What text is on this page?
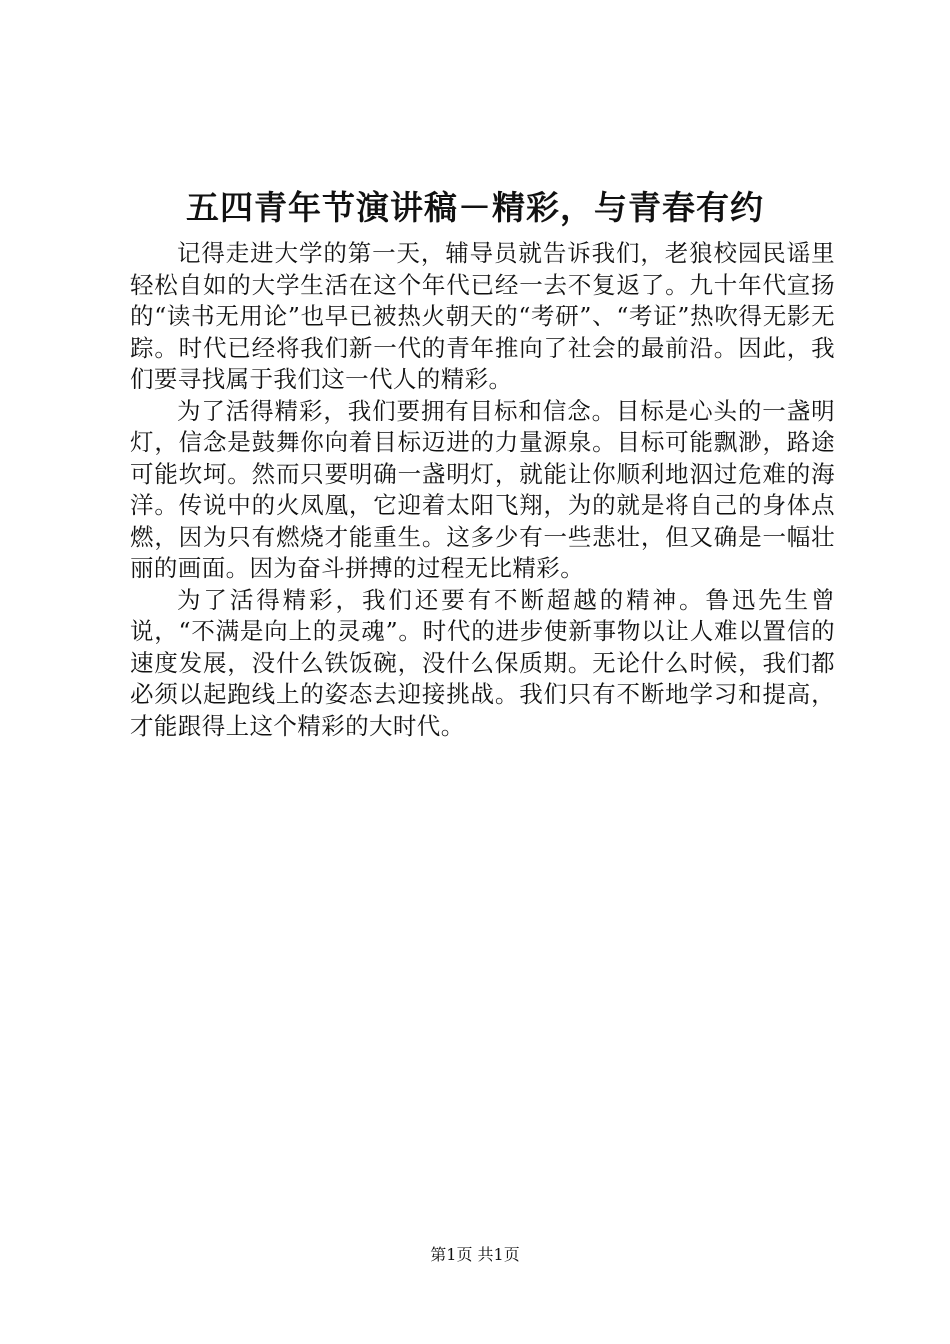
五四青年节演讲稿－精彩，与青春有约

记得走进大学的第一天，辅导员就告诉我们，老狼校园民谣里轻松自如的大学生活在这个年代已经一去不复返了。九十年代宣扬的“读书无用论”也早已被热火朝天的“考研”、“考证”热吹得无影无踪。时代已经将我们新一代的青年推向了社会的最前沿。因此，我们要寻找属于我们这一代人的精彩。

为了活得精彩，我们要拥有目标和信念。目标是心头的一盏明灯，信念是鼓舞你向着目标迈进的力量源泉。目标可能飘渺，路途可能坎坷。然而只要明确一盏明灯，就能让你顺利地泅过危难的海洋。传说中的火凤凰，它迎着太阳飞翔，为的就是将自己的身体点燃，因为只有燃烧才能重生。这多少有一些悲壮，但又确是一幅壮丽的画面。因为奋斗拼搏的过程无比精彩。

为了活得精彩，我们还要有不断超越的精神。鲁迅先生曾说，“不满是向上的灵魂”。时代的进步使新事物以让人难以置信的速度发展，没什么铁饭碗，没什么保质期。无论什么时候，我们都必须以起跑线上的姿态去迎接挑战。我们只有不断地学习和提高，才能跟得上这个精彩的大时代。

第1页 共1页
